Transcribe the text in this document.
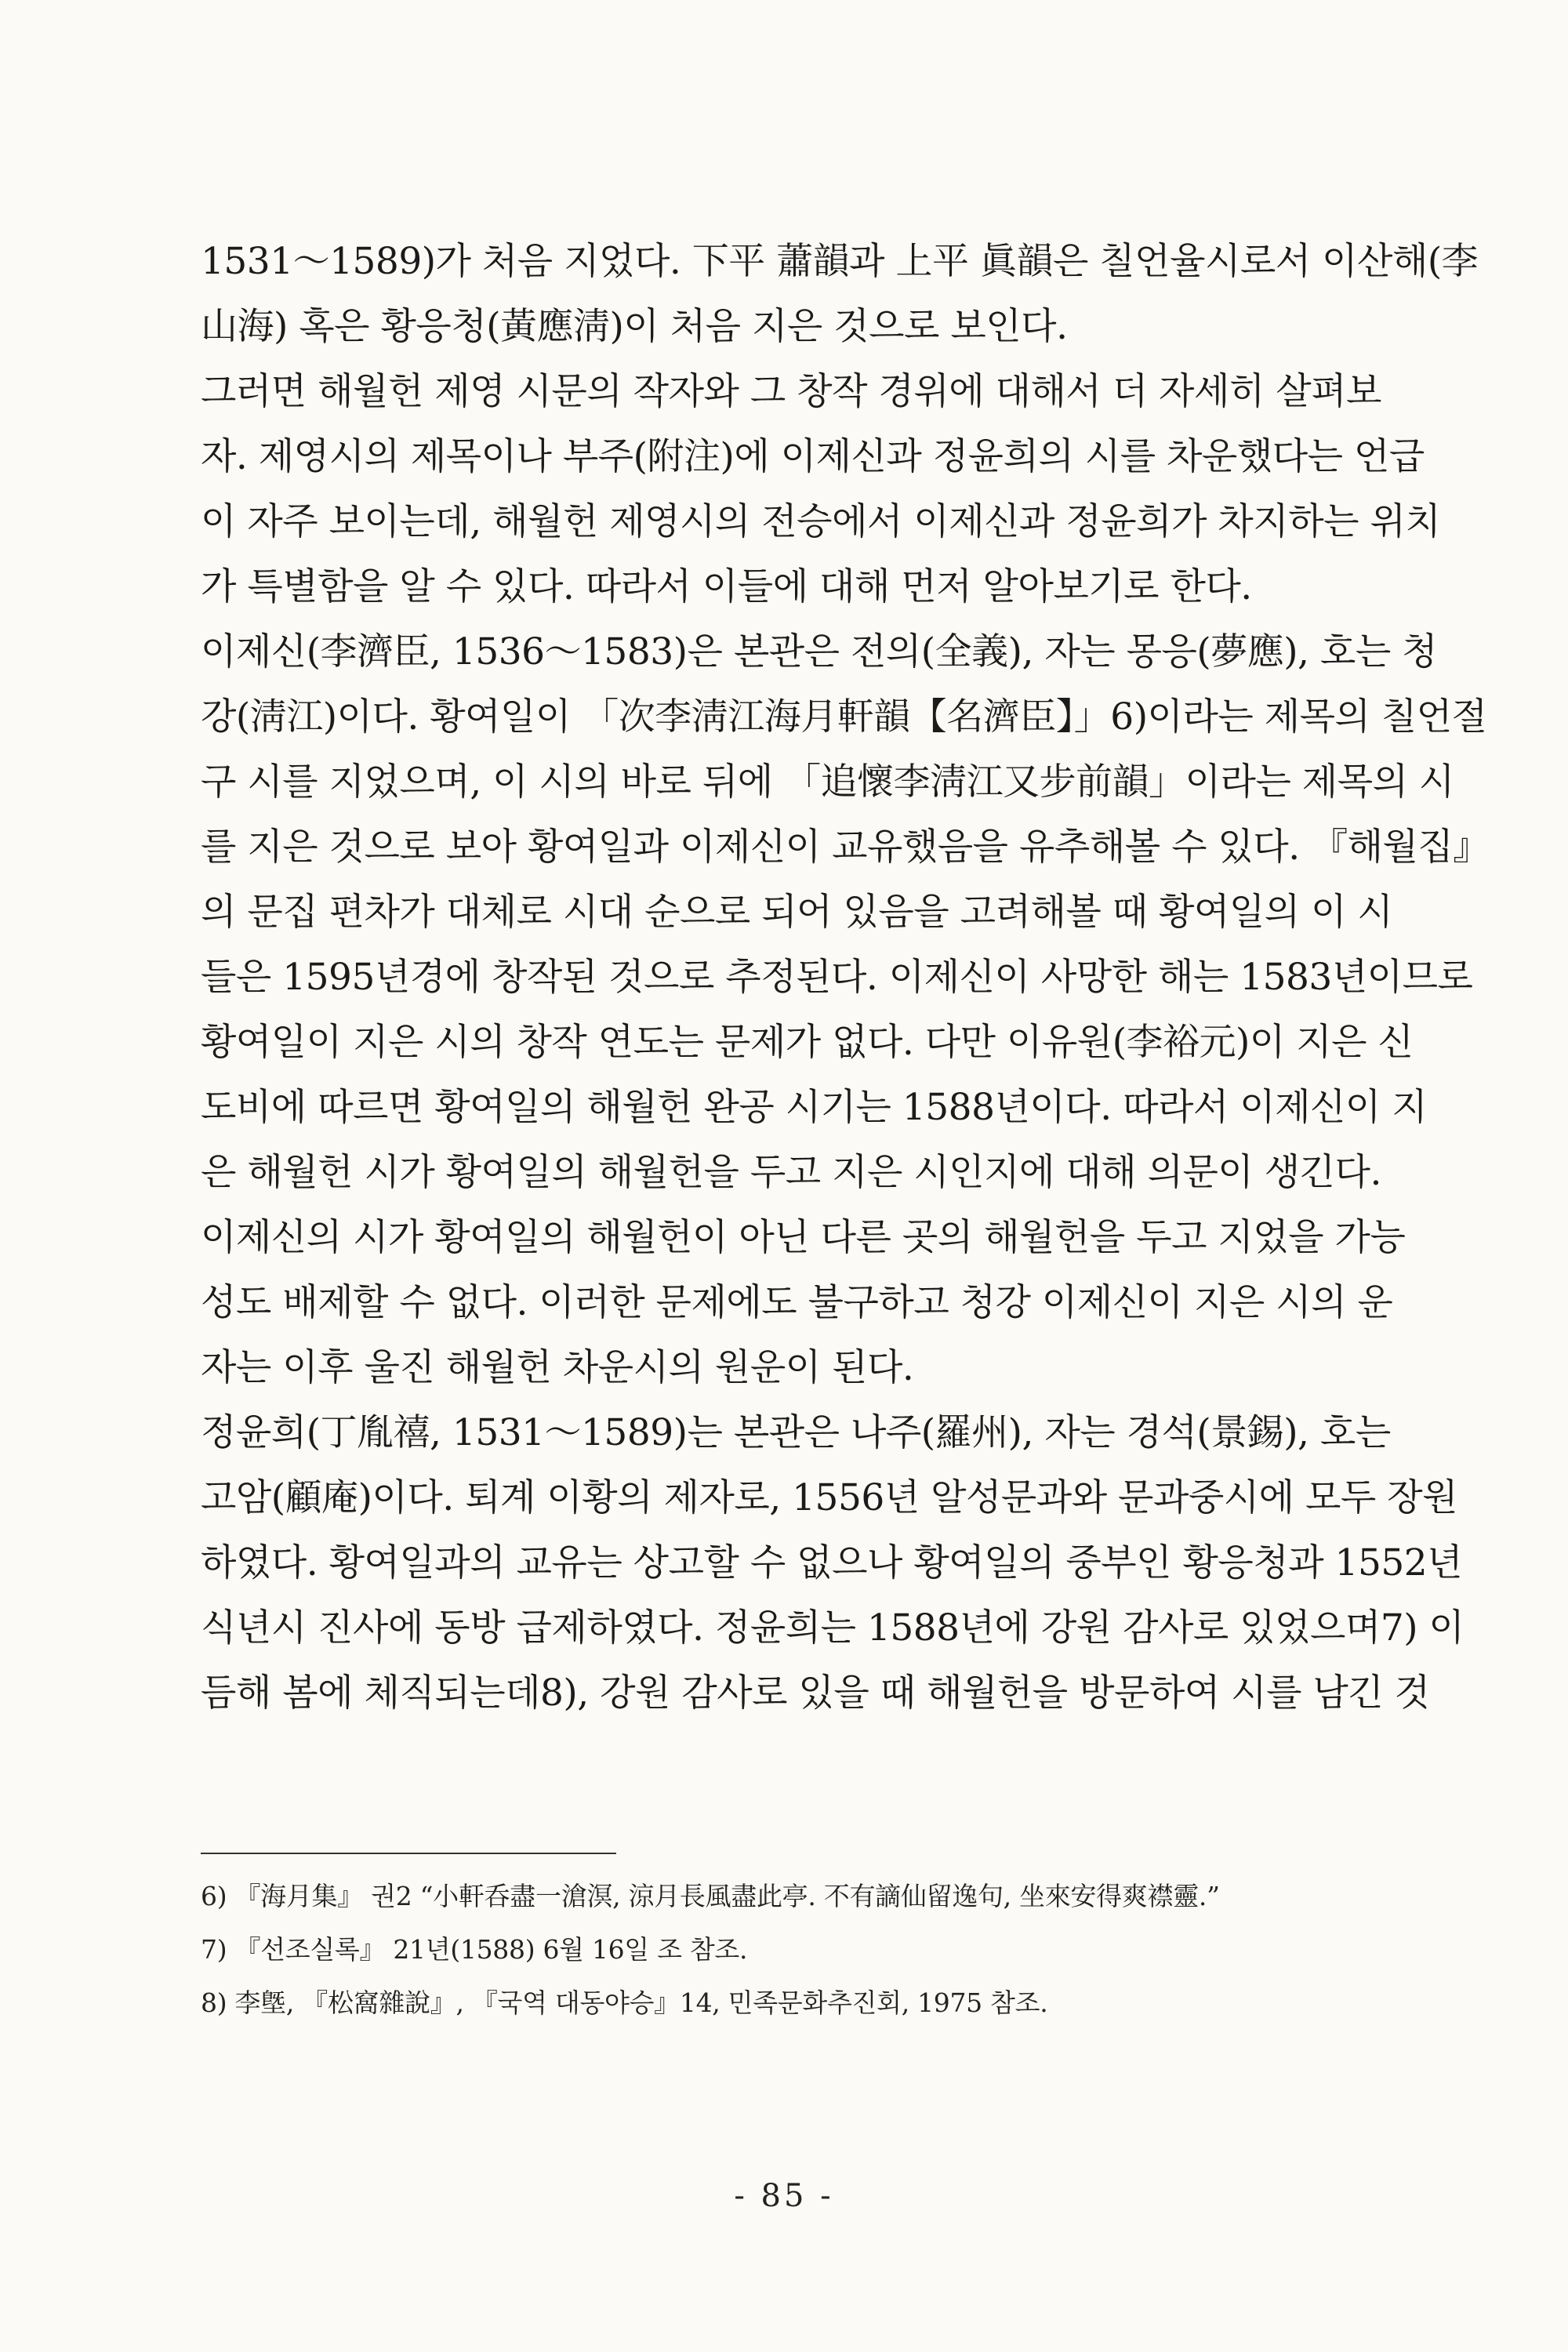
1531～1589)가 처음 지었다. 下平 蕭韻과 上平 眞韻은 칠언율시로서 이산해(李
山海) 혹은 황응청(黃應淸)이 처음 지은 것으로 보인다.
그러면 해월헌 제영 시문의 작자와 그 창작 경위에 대해서 더 자세히 살펴보
자. 제영시의 제목이나 부주(附注)에 이제신과 정윤희의 시를 차운했다는 언급
이 자주 보이는데, 해월헌 제영시의 전승에서 이제신과 정윤희가 차지하는 위치
가 특별함을 알 수 있다. 따라서 이들에 대해 먼저 알아보기로 한다.
이제신(李濟臣, 1536～1583)은 본관은 전의(全義), 자는 몽응(夢應), 호는 청
강(淸江)이다. 황여일이 「次李淸江海月軒韻【名濟臣】」6)이라는 제목의 칠언절
구 시를 지었으며, 이 시의 바로 뒤에 「追懷李淸江又步前韻」이라는 제목의 시
를 지은 것으로 보아 황여일과 이제신이 교유했음을 유추해볼 수 있다. 『해월집』
의 문집 편차가 대체로 시대 순으로 되어 있음을 고려해볼 때 황여일의 이 시
들은 1595년경에 창작된 것으로 추정된다. 이제신이 사망한 해는 1583년이므로
황여일이 지은 시의 창작 연도는 문제가 없다. 다만 이유원(李裕元)이 지은 신
도비에 따르면 황여일의 해월헌 완공 시기는 1588년이다. 따라서 이제신이 지
은 해월헌 시가 황여일의 해월헌을 두고 지은 시인지에 대해 의문이 생긴다.
이제신의 시가 황여일의 해월헌이 아닌 다른 곳의 해월헌을 두고 지었을 가능
성도 배제할 수 없다. 이러한 문제에도 불구하고 청강 이제신이 지은 시의 운
자는 이후 울진 해월헌 차운시의 원운이 된다.
정윤희(丁胤禧, 1531～1589)는 본관은 나주(羅州), 자는 경석(景錫), 호는
고암(顧庵)이다. 퇴계 이황의 제자로, 1556년 알성문과와 문과중시에 모두 장원
하였다. 황여일과의 교유는 상고할 수 없으나 황여일의 중부인 황응청과 1552년
식년시 진사에 동방 급제하였다. 정윤희는 1588년에 강원 감사로 있었으며7) 이
듬해 봄에 체직되는데8), 강원 감사로 있을 때 해월헌을 방문하여 시를 남긴 것
6) 『海月集』 권2 “小軒呑盡一滄溟, 涼月長風盡此亭. 不有謫仙留逸句, 坐來安得爽襟靈.”
7) 『선조실록』 21년(1588) 6월 16일 조 참조.
8) 李墍, 『松窩雜說』, 『국역 대동야승』14, 민족문화추진회, 1975 참조.
- 85 -
